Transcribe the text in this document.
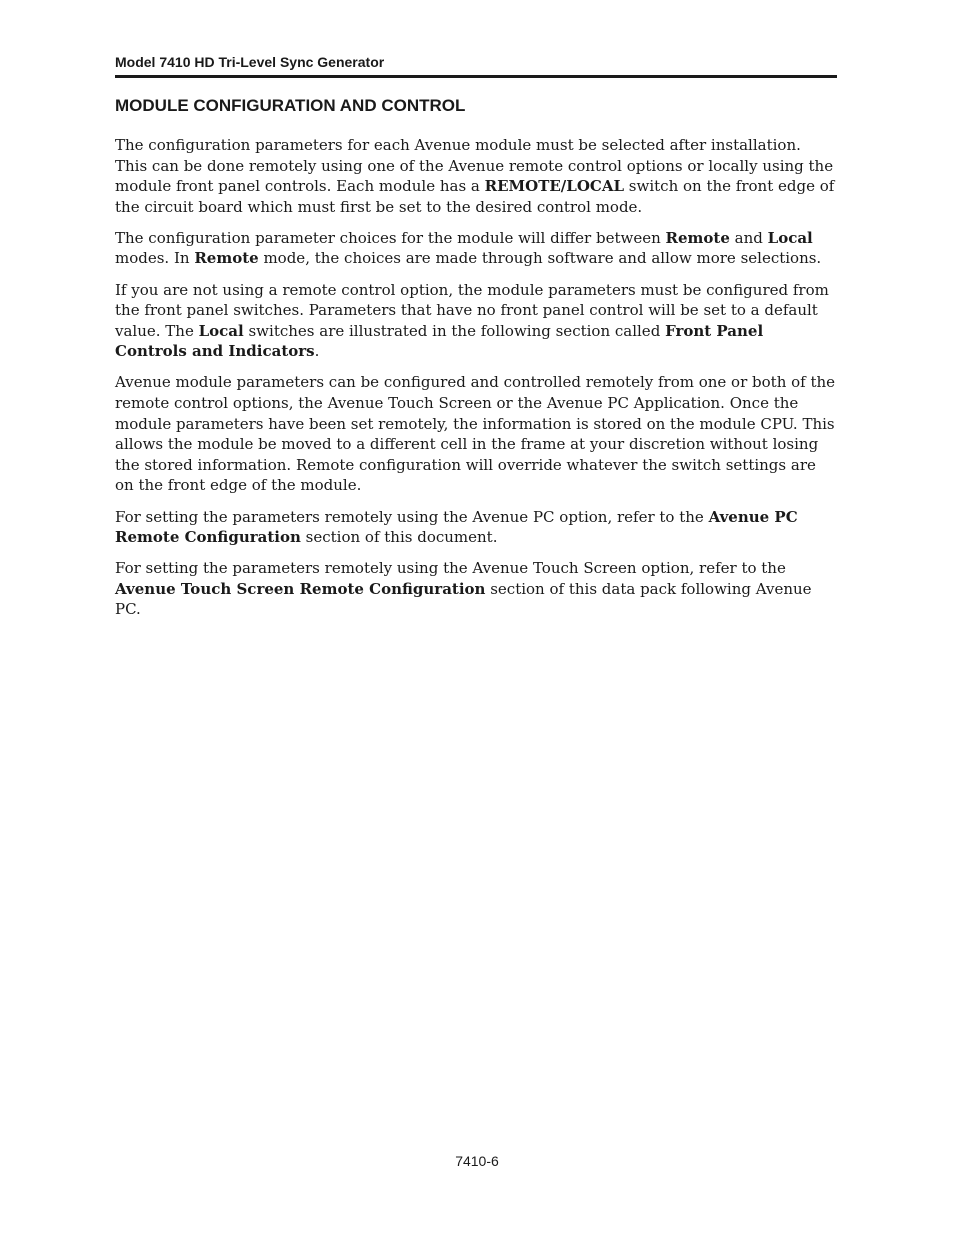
Model 7410 HD Tri-Level Sync Generator
MODULE CONFIGURATION AND CONTROL

The configuration parameters for each Avenue module must be selected after installation. This can be done remotely using one of the Avenue remote control options or locally using the module front panel controls. Each module has a REMOTE/LOCAL switch on the front edge of the circuit board which must first be set to the desired control mode.

The configuration parameter choices for the module will differ between Remote and Local modes. In Remote mode, the choices are made through software and allow more selections.

If you are not using a remote control option, the module parameters must be configured from the front panel switches. Parameters that have no front panel control will be set to a default value. The Local switches are illustrated in the following section called Front Panel Controls and Indicators.

Avenue module parameters can be configured and controlled remotely from one or both of the remote control options, the Avenue Touch Screen or the Avenue PC Application. Once the module parameters have been set remotely, the information is stored on the module CPU. This allows the module be moved to a different cell in the frame at your discretion without losing the stored information. Remote configuration will override whatever the switch settings are on the front edge of the module.

For setting the parameters remotely using the Avenue PC option, refer to the Avenue PC Remote Configuration section of this document.

For setting the parameters remotely using the Avenue Touch Screen option, refer to the Avenue Touch Screen Remote Configuration section of this data pack following Avenue PC.

7410-6
